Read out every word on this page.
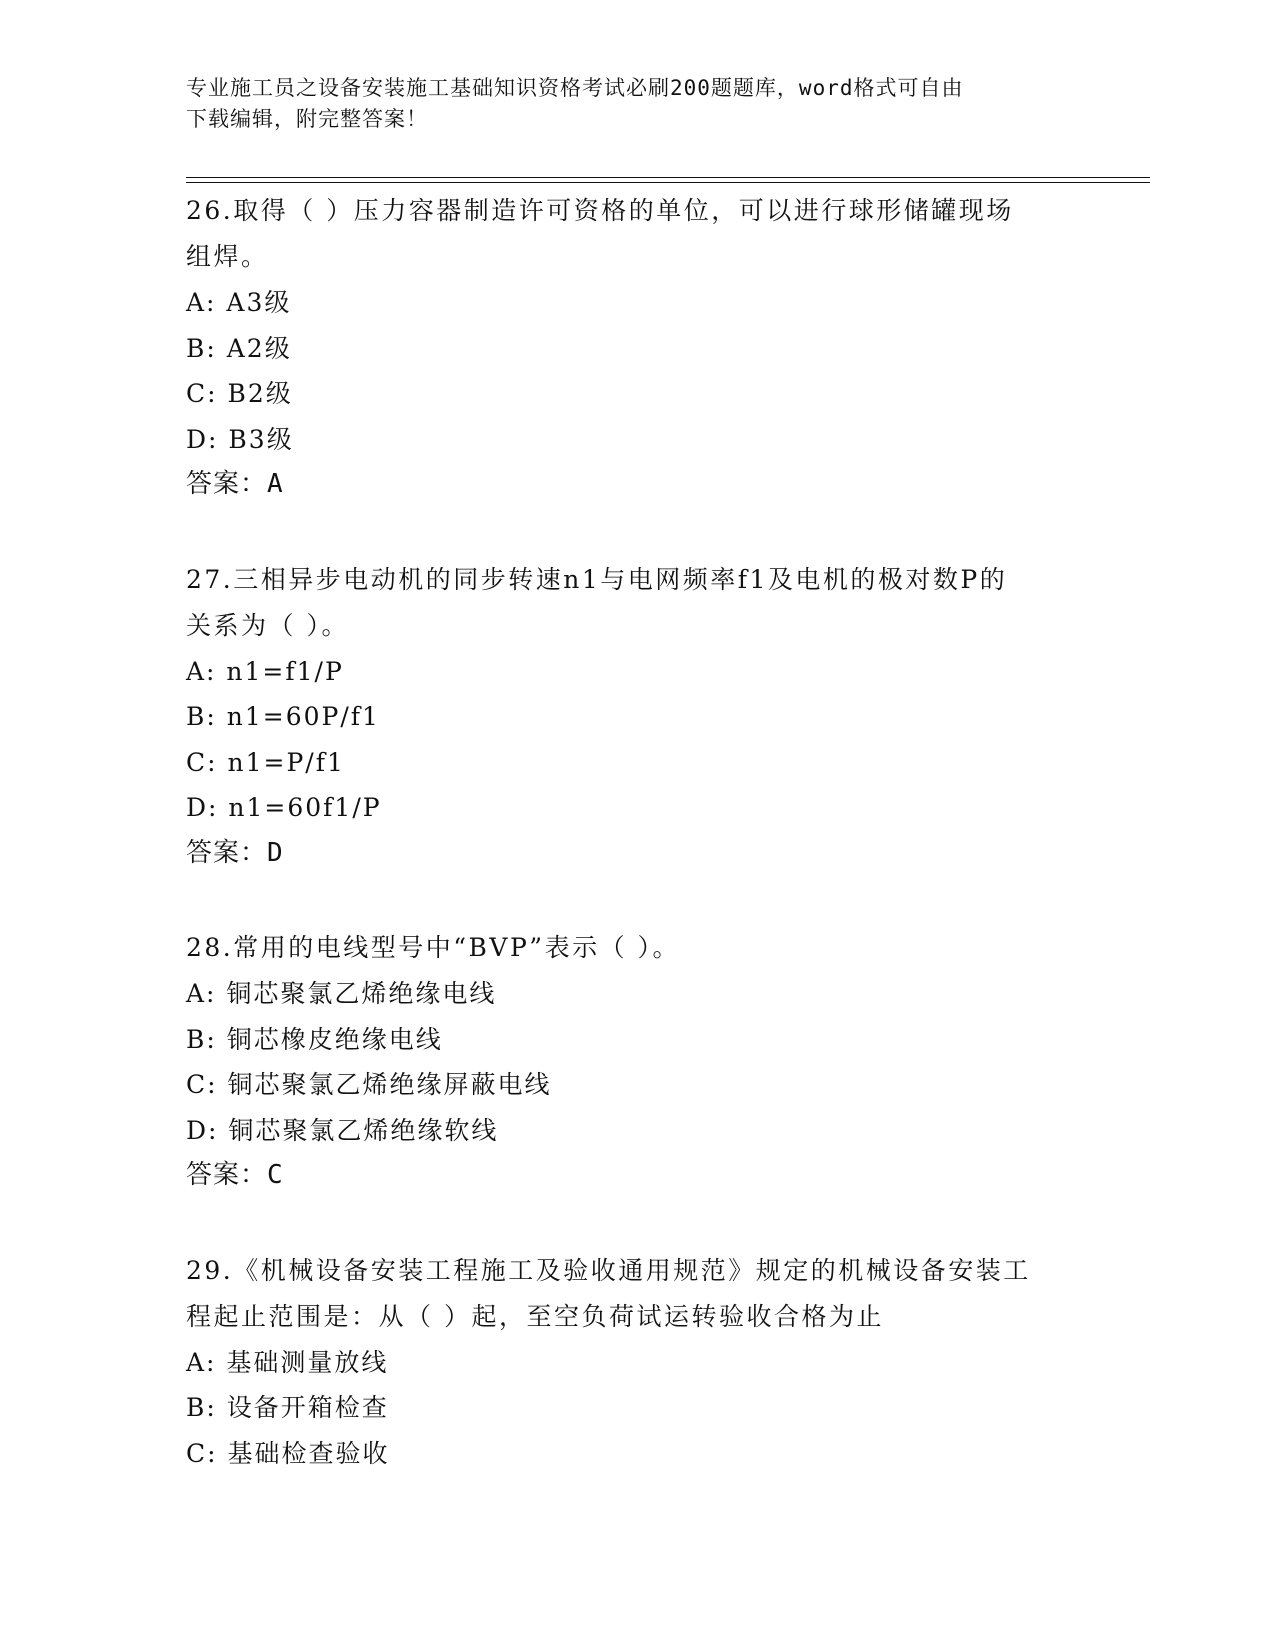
专业施工员之设备安装施工基础知识资格考试必刷200题题库，word格式可自由
下载编辑，附完整答案！
26.取得（ ）压力容器制造许可资格的单位，可以进行球形储罐现场
组焊。
A: A3级
B: A2级
C: B2级
D: B3级
答案：A
27.三相异步电动机的同步转速n1与电网频率f1及电机的极对数P的
关系为（ ）。
A: n1=f1/P
B: n1=60P/f1
C: n1=P/f1
D: n1=60f1/P
答案：D
28.常用的电线型号中“BVP”表示（ ）。
A: 铜芯聚氯乙烯绝缘电线
B: 铜芯橡皮绝缘电线
C: 铜芯聚氯乙烯绝缘屏蔽电线
D: 铜芯聚氯乙烯绝缘软线
答案：C
29.《机械设备安装工程施工及验收通用规范》规定的机械设备安装工
程起止范围是：从（ ）起，至空负荷试运转验收合格为止
A: 基础测量放线
B: 设备开箱检查
C: 基础检查验收
